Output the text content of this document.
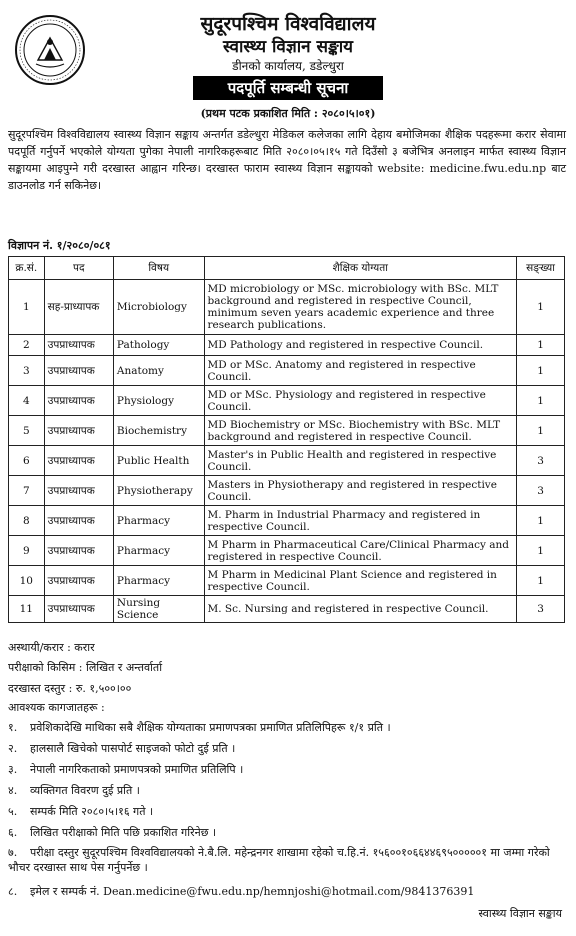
सुदूरपश्चिम विश्वविद्यालय
स्वास्थ्य विज्ञान सङ्काय
डीनको कार्यालय, डडेल्धुरा
पदपूर्ति सम्बन्धी सूचना
(प्रथम पटक प्रकाशित मिति : २०८०।५।०१)
सुदूरपश्चिम विश्वविद्यालय स्वास्थ्य विज्ञान सङ्काय अन्तर्गत डडेल्धुरा मेडिकल कलेजका लागि देहाय बमोजिमका शैक्षिक पदहरूमा करार सेवामा पदपूर्ति गर्नुपर्ने भएकोले योग्यता पुगेका नेपाली नागरिकहरूबाट मिति २०८०।०५।१५ गते दिउँसो ३ बजेभित्र अनलाइन मार्फत स्वास्थ्य विज्ञान सङ्कायमा आइपुग्ने गरी दरखास्त आह्वान गरिन्छ। दरखास्त फाराम स्वास्थ्य विज्ञान सङ्कायको website: medicine.fwu.edu.np बाट डाउनलोड गर्न सकिनेछ।
विज्ञापन नं. १/२०८०/०८१
क्र.सं.	पद	विषय	शैक्षिक योग्यता	सङ्ख्या
1	सह-प्राध्यापक	Microbiology	MD microbiology or MSc. microbiology with BSc. MLT background and registered in respective Council, minimum seven years academic experience and three research publications.	1
2	उपप्राध्यापक	Pathology	MD Pathology and registered in respective Council.	1
3	उपप्राध्यापक	Anatomy	MD or MSc. Anatomy and registered in respective Council.	1
4	उपप्राध्यापक	Physiology	MD or MSc. Physiology and registered in respective Council.	1
5	उपप्राध्यापक	Biochemistry	MD Biochemistry or MSc. Biochemistry with BSc. MLT background and registered in respective Council.	1
6	उपप्राध्यापक	Public Health	Master's in Public Health and registered in respective Council.	3
7	उपप्राध्यापक	Physiotherapy	Masters in Physiotherapy and registered in respective Council.	3
8	उपप्राध्यापक	Pharmacy	M. Pharm in Industrial Pharmacy and registered in respective Council.	1
9	उपप्राध्यापक	Pharmacy	M Pharm in Pharmaceutical Care/Clinical Pharmacy and registered in respective Council.	1
10	उपप्राध्यापक	Pharmacy	M Pharm in Medicinal Plant Science and registered in respective Council.	1
11	उपप्राध्यापक	Nursing Science	M. Sc. Nursing and registered in respective Council.	3
अस्थायी/करार : करार
परीक्षाको किसिम : लिखित र अन्तर्वार्ता
दरखास्त दस्तुर : रु. १,५००।००
आवश्यक कागजातहरू :
१. प्रवेशिकादेखि माथिका सबै शैक्षिक योग्यताका प्रमाणपत्रका प्रमाणित प्रतिलिपिहरू १/१ प्रति ।
२. हालसालै खिचेको पासपोर्ट साइजको फोटो दुई प्रति ।
३. नेपाली नागरिकताको प्रमाणपत्रको प्रमाणित प्रतिलिपि ।
४. व्यक्तिगत विवरण दुई प्रति ।
५. सम्पर्क मिति २०८०।५।१६ गते ।
६. लिखित परीक्षाको मिति पछि प्रकाशित गरिनेछ ।
७. परीक्षा दस्तुर सुदूरपश्चिम विश्वविद्यालयको ने.बै.लि. महेन्द्रनगर शाखामा रहेको च.हि.नं. १५६००१०६६४४६९५०००००१ मा जम्मा गरेको भौचर दरखास्त साथ पेस गर्नुपर्नेछ ।
८. इमेल र सम्पर्क नं. Dean.medicine@fwu.edu.np/hemnjoshi@hotmail.com/9841376391
स्वास्थ्य विज्ञान सङ्काय
